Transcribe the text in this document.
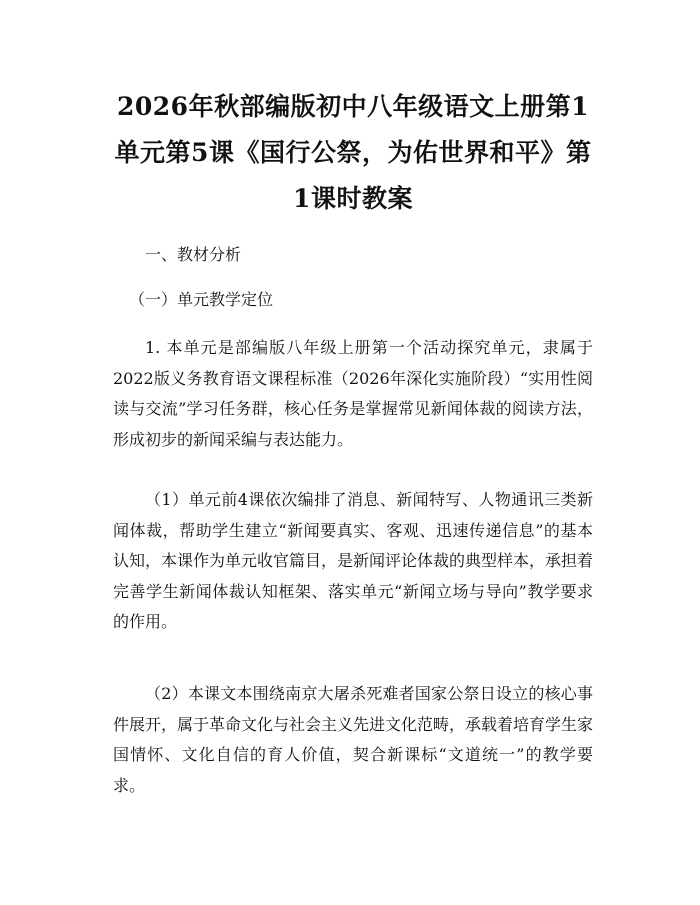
2026年秋部编版初中八年级语文上册第1单元第5课《国行公祭，为佑世界和平》第1课时教案

一、教材分析

（一）单元教学定位

1. 本单元是部编版八年级上册第一个活动探究单元，隶属于2022版义务教育语文课程标准（2026年深化实施阶段）“实用性阅读与交流”学习任务群，核心任务是掌握常见新闻体裁的阅读方法，形成初步的新闻采编与表达能力。

（1）单元前4课依次编排了消息、新闻特写、人物通讯三类新闻体裁，帮助学生建立“新闻要真实、客观、迅速传递信息”的基本认知，本课作为单元收官篇目，是新闻评论体裁的典型样本，承担着完善学生新闻体裁认知框架、落实单元“新闻立场与导向”教学要求的作用。

（2）本课文本围绕南京大屠杀死难者国家公祭日设立的核心事件展开，属于革命文化与社会主义先进文化范畴，承载着培育学生家国情怀、文化自信的育人价值，契合新课标“文道统一”的教学要求。
